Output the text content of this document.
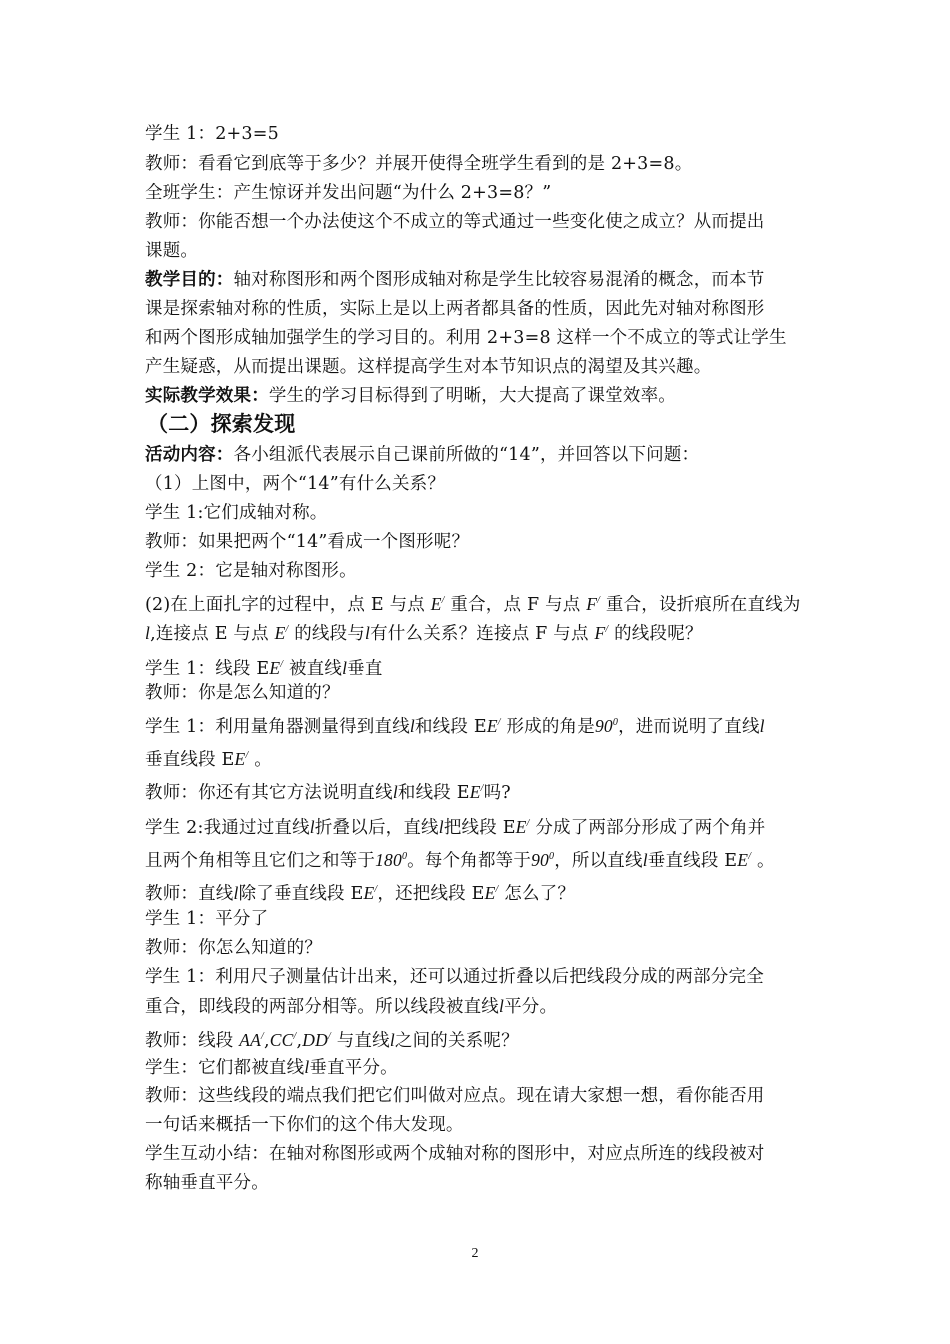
学生 1：2+3=5
教师：看看它到底等于多少？并展开使得全班学生看到的是 2+3=8。
全班学生：产生惊讶并发出问题“为什么 2+3=8？”
教师：你能否想一个办法使这个不成立的等式通过一些变化使之成立？从而提出
课题。
教学目的：轴对称图形和两个图形成轴对称是学生比较容易混淆的概念，而本节
课是探索轴对称的性质，实际上是以上两者都具备的性质，因此先对轴对称图形
和两个图形成轴加强学生的学习目的。利用 2+3=8 这样一个不成立的等式让学生
产生疑惑，从而提出课题。这样提高学生对本节知识点的渴望及其兴趣。
实际教学效果：学生的学习目标得到了明晰，大大提高了课堂效率。
（二）探索发现
活动内容：各小组派代表展示自己课前所做的“14”，并回答以下问题：
（1）上图中，两个“14”有什么关系？
学生 1:它们成轴对称。
教师：如果把两个“14”看成一个图形呢？
学生 2：它是轴对称图形。
(2)在上面扎字的过程中，点 E 与点 E/ 重合，点 F 与点 F/ 重合，设折痕所在直线为
l,连接点 E 与点 E/ 的线段与l有什么关系？连接点 F 与点 F/ 的线段呢？
学生 1：线段 EE/ 被直线l垂直
教师：你是怎么知道的？
学生 1：利用量角器测量得到直线l和线段 EE/ 形成的角是$90^0$，进而说明了直线l
垂直线段 EE/ 。
教师：你还有其它方法说明直线l和线段 EE/吗?
学生 2:我通过过直线l折叠以后，直线l把线段 EE/ 分成了两部分形成了两个角并
且两个角相等且它们之和等于$180^0$。每个角都等于$90^0$，所以直线l垂直线段 EE/ 。
教师：直线l除了垂直线段 EE/，还把线段 EE/ 怎么了？
学生 1：平分了
教师：你怎么知道的？
学生 1：利用尺子测量估计出来，还可以通过折叠以后把线段分成的两部分完全
重合，即线段的两部分相等。所以线段被直线l平分。
教师：线段 AA/,CC/,DD/ 与直线l之间的关系呢？
学生：它们都被直线l垂直平分。
教师：这些线段的端点我们把它们叫做对应点。现在请大家想一想，看你能否用
一句话来概括一下你们的这个伟大发现。
学生互动小结：在轴对称图形或两个成轴对称的图形中，对应点所连的线段被对
称轴垂直平分。
2
